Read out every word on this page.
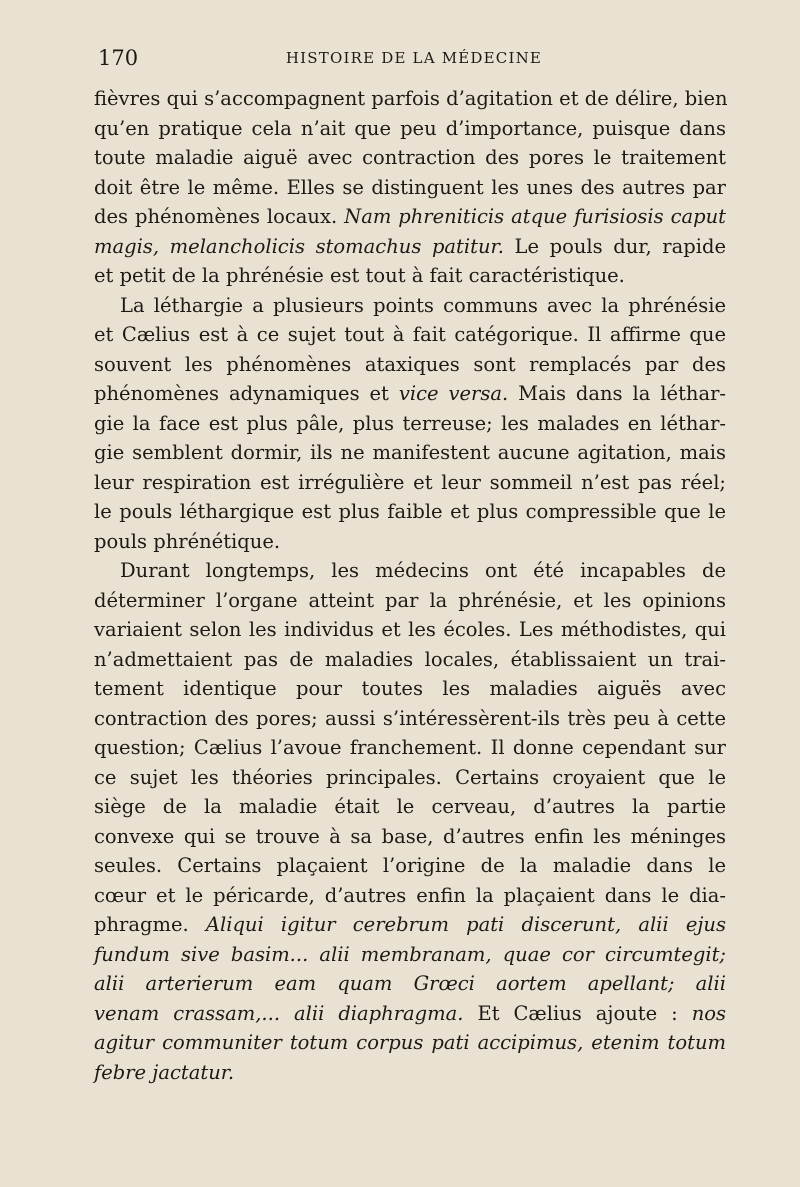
170	HISTOIRE DE LA MÉDECINE
fièvres qui s’accompagnent parfois d’agitation et de délire, bien
qu’en pratique cela n’ait que peu d’importance, puisque dans
toute maladie aiguë avec contraction des pores le traitement
doit être le même. Elles se distinguent les unes des autres par
des phénomènes locaux. Nam phreniticis atque furisiosis caput
magis, melancholicis stomachus patitur. Le pouls dur, rapide
et petit de la phrénésie est tout à fait caractéristique.
La léthargie a plusieurs points communs avec la phrénésie
et Cælius est à ce sujet tout à fait catégorique. Il affirme que
souvent les phénomènes ataxiques sont remplacés par des
phénomènes adynamiques et vice versa. Mais dans la léthar-
gie la face est plus pâle, plus terreuse; les malades en léthar-
gie semblent dormir, ils ne manifestent aucune agitation, mais
leur respiration est irrégulière et leur sommeil n’est pas réel;
le pouls léthargique est plus faible et plus compressible que le
pouls phrénétique.
Durant longtemps, les médecins ont été incapables de
déterminer l’organe atteint par la phrénésie, et les opinions
variaient selon les individus et les écoles. Les méthodistes, qui
n’admettaient pas de maladies locales, établissaient un trai-
tement identique pour toutes les maladies aiguës avec
contraction des pores; aussi s’intéressèrent-ils très peu à cette
question; Cælius l’avoue franchement. Il donne cependant sur
ce sujet les théories principales. Certains croyaient que le
siège de la maladie était le cerveau, d’autres la partie
convexe qui se trouve à sa base, d’autres enfin les méninges
seules. Certains plaçaient l’origine de la maladie dans le
cœur et le péricarde, d’autres enfin la plaçaient dans le dia-
phragme. Aliqui igitur cerebrum pati discerunt, alii ejus
fundum sive basim... alii membranam, quae cor circumtegit;
alii arterierum eam quam Grœci aortem apellant; alii
venam crassam,... alii diaphragma. Et Cælius ajoute : nos
agitur communiter totum corpus pati accipimus, etenim totum
febre jactatur.
